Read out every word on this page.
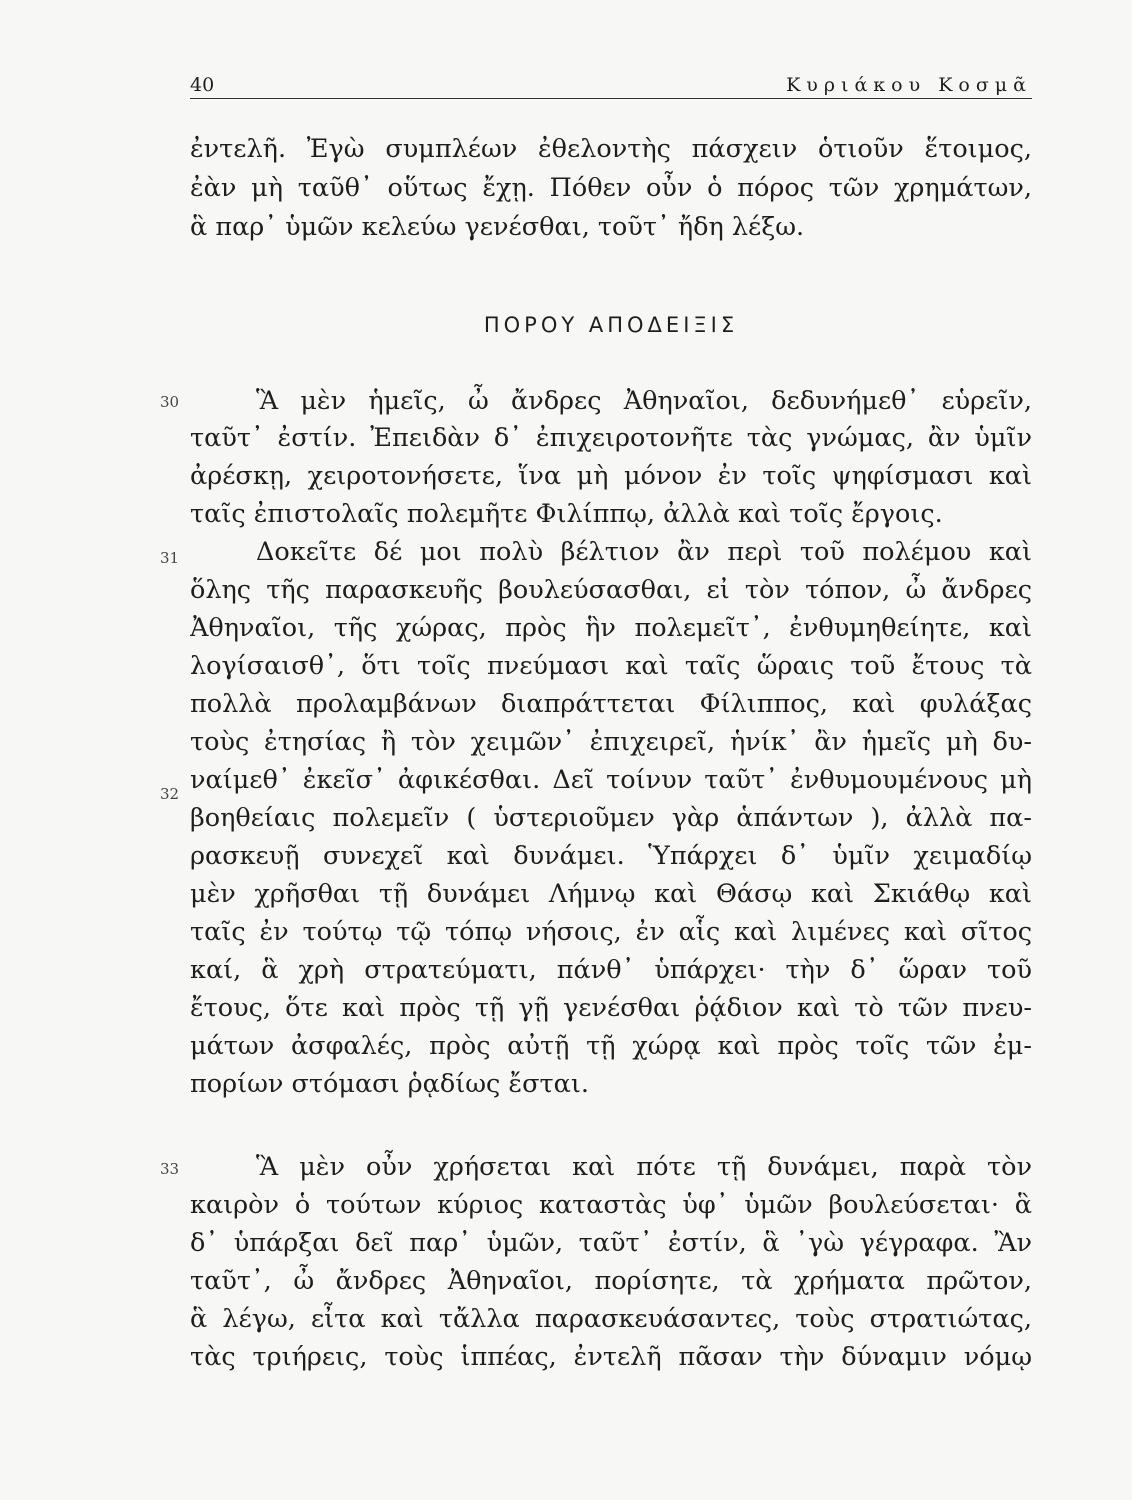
40	Κυριάκου Κοσμᾶ
30
31
32
33
ἐντελῆ. Ἐγὼ συμπλέων ἐθελοντὴς πάσχειν ὁτιοῦν ἕτοιμος,
ἐὰν μὴ ταῦθ᾽ οὕτως ἔχῃ. Πόθεν οὖν ὁ πόρος τῶν χρημάτων,
ἃ παρ᾽ ὑμῶν κελεύω γενέσθαι, τοῦτ᾽ ἤδη λέξω.
ΠΟΡΟΥ ΑΠΟΔΕΙΞΙΣ
Ἃ μὲν ἡμεῖς, ὦ ἄνδρες Ἀθηναῖοι, δεδυνήμεθ᾽ εὑρεῖν,
ταῦτ᾽ ἐστίν. Ἐπειδὰν δ᾽ ἐπιχειροτονῆτε τὰς γνώμας, ἂν ὑμῖν
ἀρέσκῃ, χειροτονήσετε, ἵνα μὴ μόνον ἐν τοῖς ψηφίσμασι καὶ
ταῖς ἐπιστολαῖς πολεμῆτε Φιλίππῳ, ἀλλὰ καὶ τοῖς ἔργοις.
Δοκεῖτε δέ μοι πολὺ βέλτιον ἂν περὶ τοῦ πολέμου καὶ
ὅλης τῆς παρασκευῆς βουλεύσασθαι, εἰ τὸν τόπον, ὦ ἄνδρες
Ἀθηναῖοι, τῆς χώρας, πρὸς ἣν πολεμεῖτ᾽, ἐνθυμηθείητε, καὶ
λογίσαισθ᾽, ὅτι τοῖς πνεύμασι καὶ ταῖς ὥραις τοῦ ἔτους τὰ
πολλὰ προλαμβάνων διαπράττεται Φίλιππος, καὶ φυλάξας
τοὺς ἐτησίας ἢ τὸν χειμῶν᾽ ἐπιχειρεῖ, ἡνίκ᾽ ἂν ἡμεῖς μὴ δυ-
ναίμεθ᾽ ἐκεῖσ᾽ ἀφικέσθαι. Δεῖ τοίνυν ταῦτ᾽ ἐνθυμουμένους μὴ
βοηθείαις πολεμεῖν ( ὑστεριοῦμεν γὰρ ἁπάντων ), ἀλλὰ πα-
ρασκευῇ συνεχεῖ καὶ δυνάμει. Ὑπάρχει δ᾽ ὑμῖν χειμαδίῳ
μὲν χρῆσθαι τῇ δυνάμει Λήμνῳ καὶ Θάσῳ καὶ Σκιάθῳ καὶ
ταῖς ἐν τούτῳ τῷ τόπῳ νήσοις, ἐν αἷς καὶ λιμένες καὶ σῖτος
καί, ἃ χρὴ στρατεύματι, πάνθ᾽ ὑπάρχει· τὴν δ᾽ ὥραν τοῦ
ἔτους, ὅτε καὶ πρὸς τῇ γῇ γενέσθαι ῥᾴδιον καὶ τὸ τῶν πνευ-
μάτων ἀσφαλές, πρὸς αὐτῇ τῇ χώρᾳ καὶ πρὸς τοῖς τῶν ἐμ-
πορίων στόμασι ῥᾳδίως ἔσται.
Ἃ μὲν οὖν χρήσεται καὶ πότε τῇ δυνάμει, παρὰ τὸν
καιρὸν ὁ τούτων κύριος καταστὰς ὑφ᾽ ὑμῶν βουλεύσεται· ἃ
δ᾽ ὑπάρξαι δεῖ παρ᾽ ὑμῶν, ταῦτ᾽ ἐστίν, ἃ ᾽γὼ γέγραφα. Ἂν
ταῦτ᾽, ὦ ἄνδρες Ἀθηναῖοι, πορίσητε, τὰ χρήματα πρῶτον,
ἃ λέγω, εἶτα καὶ τἄλλα παρασκευάσαντες, τοὺς στρατιώτας,
τὰς τριήρεις, τοὺς ἱππέας, ἐντελῆ πᾶσαν τὴν δύναμιν νόμῳ
